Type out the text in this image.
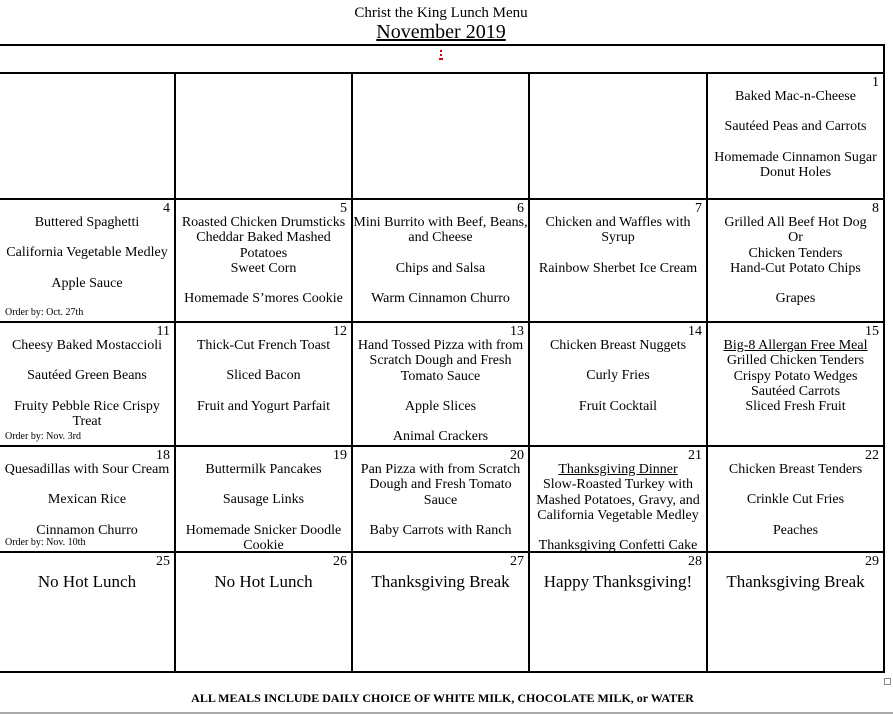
Christ the King Lunch Menu
November 2019
1

Baked Mac-n-Cheese

Sautéed Peas and Carrots

Homemade Cinnamon Sugar Donut Holes

4

Buttered Spaghetti

California Vegetable Medley

Apple Sauce

Order by: Oct. 27th
5

Roasted Chicken Drumsticks

Cheddar Baked Mashed Potatoes

Sweet Corn

Homemade S’mores Cookie

6

Mini Burrito with Beef, Beans, and Cheese

Chips and Salsa

Warm Cinnamon Churro

7

Chicken and Waffles with Syrup

Rainbow Sherbet Ice Cream

8

Grilled All Beef Hot Dog

Or

Chicken Tenders

Hand-Cut Potato Chips

Grapes

11

Cheesy Baked Mostaccioli

Sautéed Green Beans

Fruity Pebble Rice Crispy Treat

Order by: Nov. 3rd
12

Thick-Cut French Toast

Sliced Bacon

Fruit and Yogurt Parfait

13

Hand Tossed Pizza with from Scratch Dough and Fresh Tomato Sauce

Apple Slices

Animal Crackers

14

Chicken Breast Nuggets

Curly Fries

Fruit Cocktail

15

Big-8 Allergan Free Meal

Grilled Chicken Tenders

Crispy Potato Wedges

Sautéed Carrots

Sliced Fresh Fruit

18

Quesadillas with Sour Cream

Mexican Rice

Cinnamon Churro

Order by: Nov. 10th
19

Buttermilk Pancakes

Sausage Links

Homemade Snicker Doodle Cookie

20

Pan Pizza with from Scratch Dough and Fresh Tomato Sauce

Baby Carrots with Ranch

21

Thanksgiving Dinner

Slow-Roasted Turkey with Mashed Potatoes, Gravy, and California Vegetable Medley

Thanksgiving Confetti Cake

22

Chicken Breast Tenders

Crinkle Cut Fries

Peaches

25
No Hot Lunch
26
No Hot Lunch
27
Thanksgiving Break
28
Happy Thanksgiving!
29
Thanksgiving Break
ALL MEALS INCLUDE DAILY CHOICE OF WHITE MILK, CHOCOLATE MILK, or WATER
